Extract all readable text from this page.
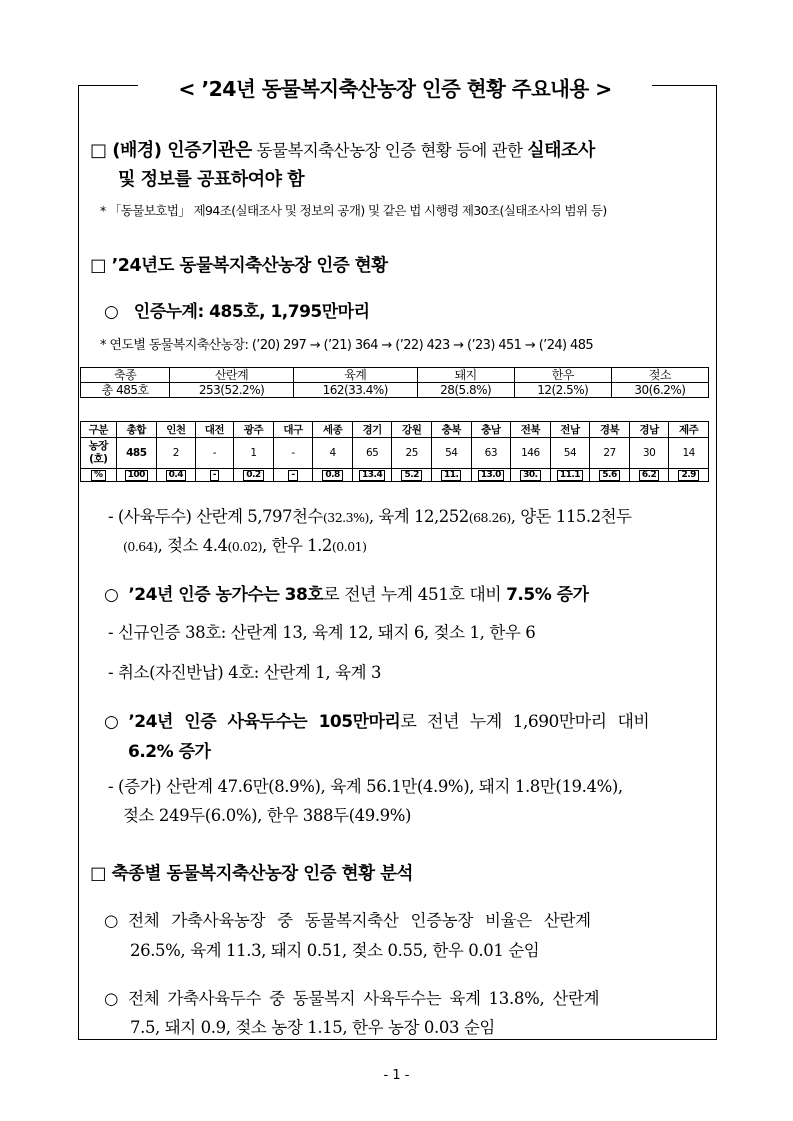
< ’24년 동물복지축산농장 인증 현황 주요내용 >
□ (배경) 인증기관은 동물복지축산농장 인증 현황 등에 관한 실태조사
및 정보를 공표하여야 함
* 「동물보호법」 제94조(실태조사 및 정보의 공개) 및 같은 법 시행령 제30조(실태조사의 범위 등)
□ ’24년도 동물복지축산농장 인증 현황
○ 인증누계: 485호, 1,795만마리
* 연도별 동물복지축산농장: (’20) 297 → (’21) 364 → (’22) 423 → (’23) 451 → (’24) 485
축종	산란계	육계	돼지	한우	젖소
총 485호	253(52.2%)	162(33.4%)	28(5.8%)	12(2.5%)	30(6.2%)
구분	총합	인천	대전	광주	대구	세종	경기	강원	충북	충남	전북	전남	경북	경남	제주
농장
(호)	485	2	-	1	-	4	65	25	54	63	146	54	27	30	14
%	100	0.4	-	0.2	-	0.8	13.4	5.2	11.	13.0	30.	11.1	5.6	6.2	2.9
- (사육두수) 산란계 5,797천수(32.3%), 육계 12,252(68.26), 양돈 115.2천두
(0.64), 젖소 4.4(0.02), 한우 1.2(0.01)
○ ’24년 인증 농가수는 38호로 전년 누계 451호 대비 7.5% 증가
- 신규인증 38호: 산란계 13, 육계 12, 돼지 6, 젖소 1, 한우 6
- 취소(자진반납) 4호: 산란계 1, 육계 3
○ ’24년 인증 사육두수는 105만마리로 전년 누계 1,690만마리 대비
6.2% 증가
- (증가) 산란계 47.6만(8.9%), 육계 56.1만(4.9%), 돼지 1.8만(19.4%),
젖소 249두(6.0%), 한우 388두(49.9%)
□ 축종별 동물복지축산농장 인증 현황 분석
○ 전체 가축사육농장 중 동물복지축산 인증농장 비율은 산란계
26.5%, 육계 11.3, 돼지 0.51, 젖소 0.55, 한우 0.01 순임
○ 전체 가축사육두수 중 동물복지 사육두수는 육계 13.8%, 산란계
7.5, 돼지 0.9, 젖소 농장 1.15, 한우 농장 0.03 순임
- 1 -
